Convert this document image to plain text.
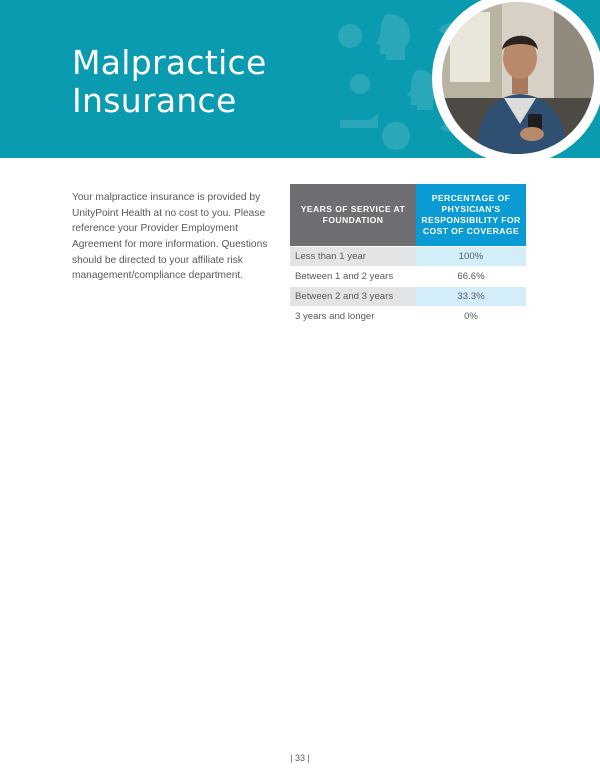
Malpractice
Insurance

Your malpractice insurance is provided by UnityPoint Health at no cost to you. Please reference your Provider Employment Agreement for more information. Questions should be directed to your affiliate risk management/compliance department.

YEARS OF SERVICE AT FOUNDATION	PERCENTAGE OF PHYSICIAN'S RESPONSIBILITY FOR COST OF COVERAGE
Less than 1 year	100%
Between 1 and 2 years	66.6%
Between 2 and 3 years	33.3%
3 years and longer	0%
| 33 |
